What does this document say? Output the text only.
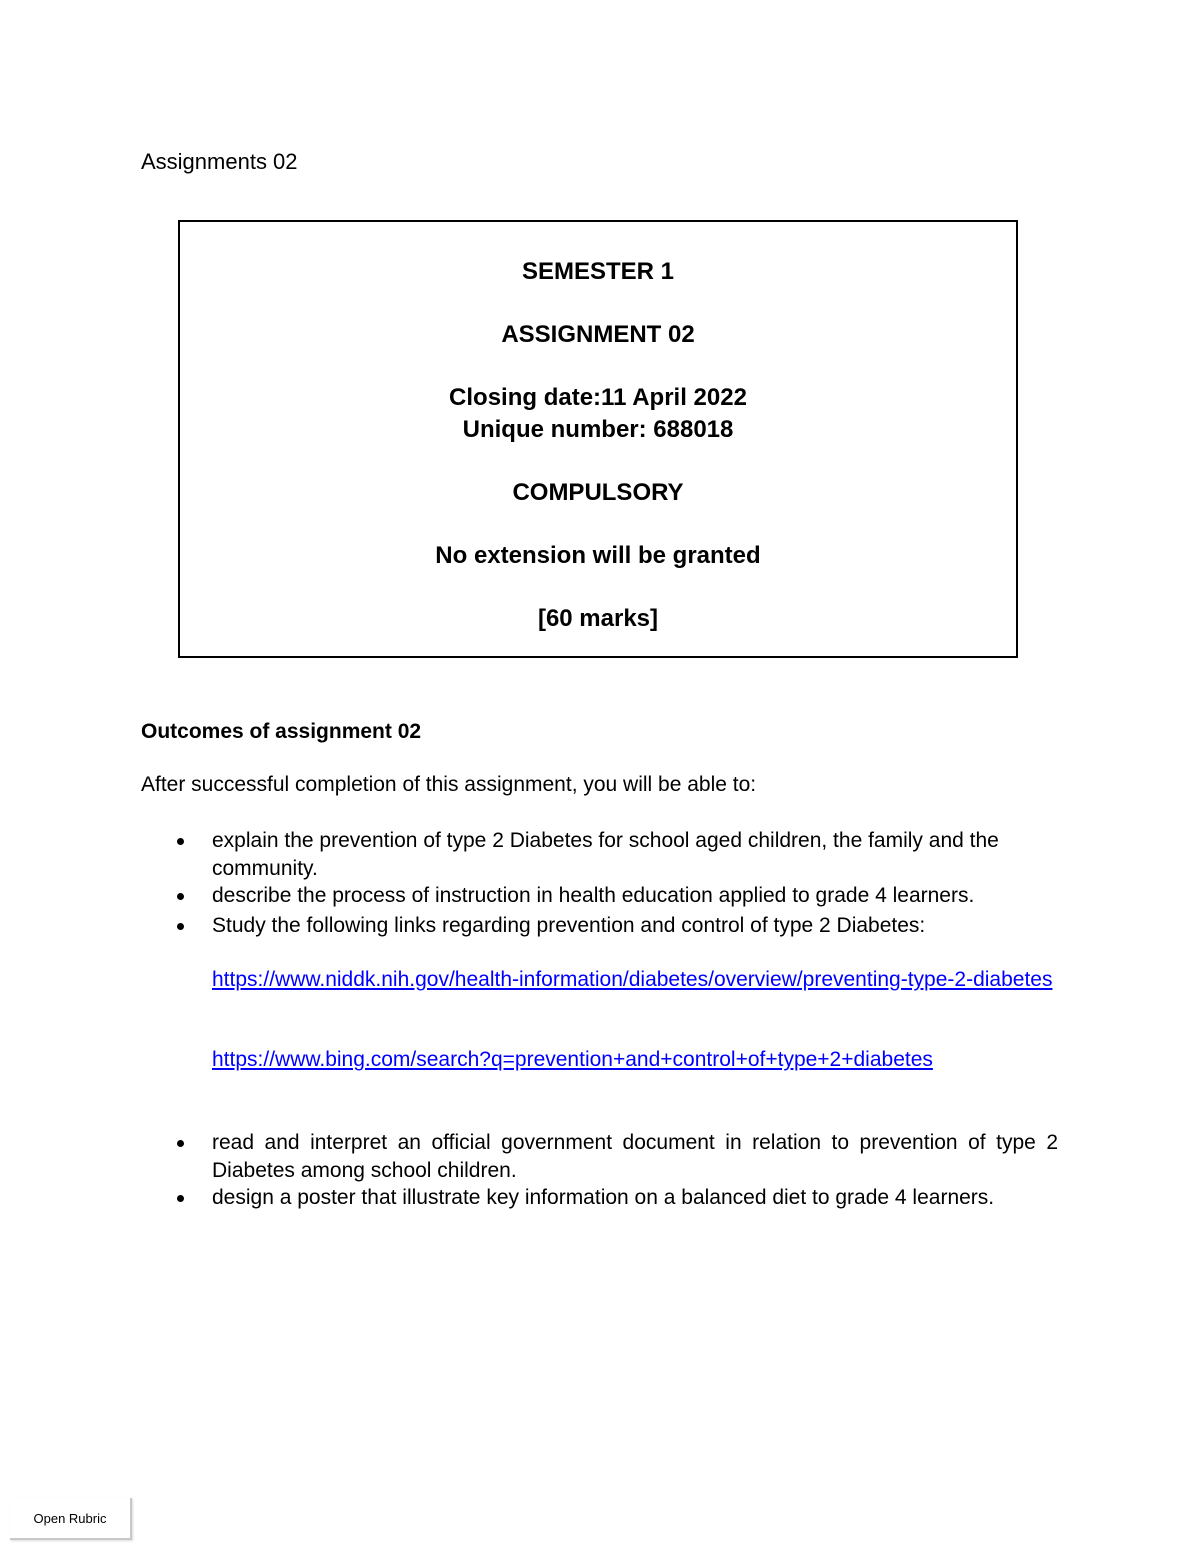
Assignments 02
SEMESTER 1
ASSIGNMENT 02
Closing date:11 April 2022
Unique number: 688018
COMPULSORY
No extension will be granted
[60 marks]
Outcomes of assignment 02
After successful completion of this assignment, you will be able to:
explain the prevention of type 2 Diabetes for school aged children, the family and the community.
describe the process of instruction in health education applied to grade 4 learners.
Study the following links regarding prevention and control of type 2 Diabetes:
https://www.niddk.nih.gov/health-information/diabetes/overview/preventing-type-2-diabetes
https://www.bing.com/search?q=prevention+and+control+of+type+2+diabetes
read and interpret an official government document in relation to prevention of type 2 Diabetes among school children.
design a poster that illustrate key information on a balanced diet to grade 4 learners.
Open Rubric
